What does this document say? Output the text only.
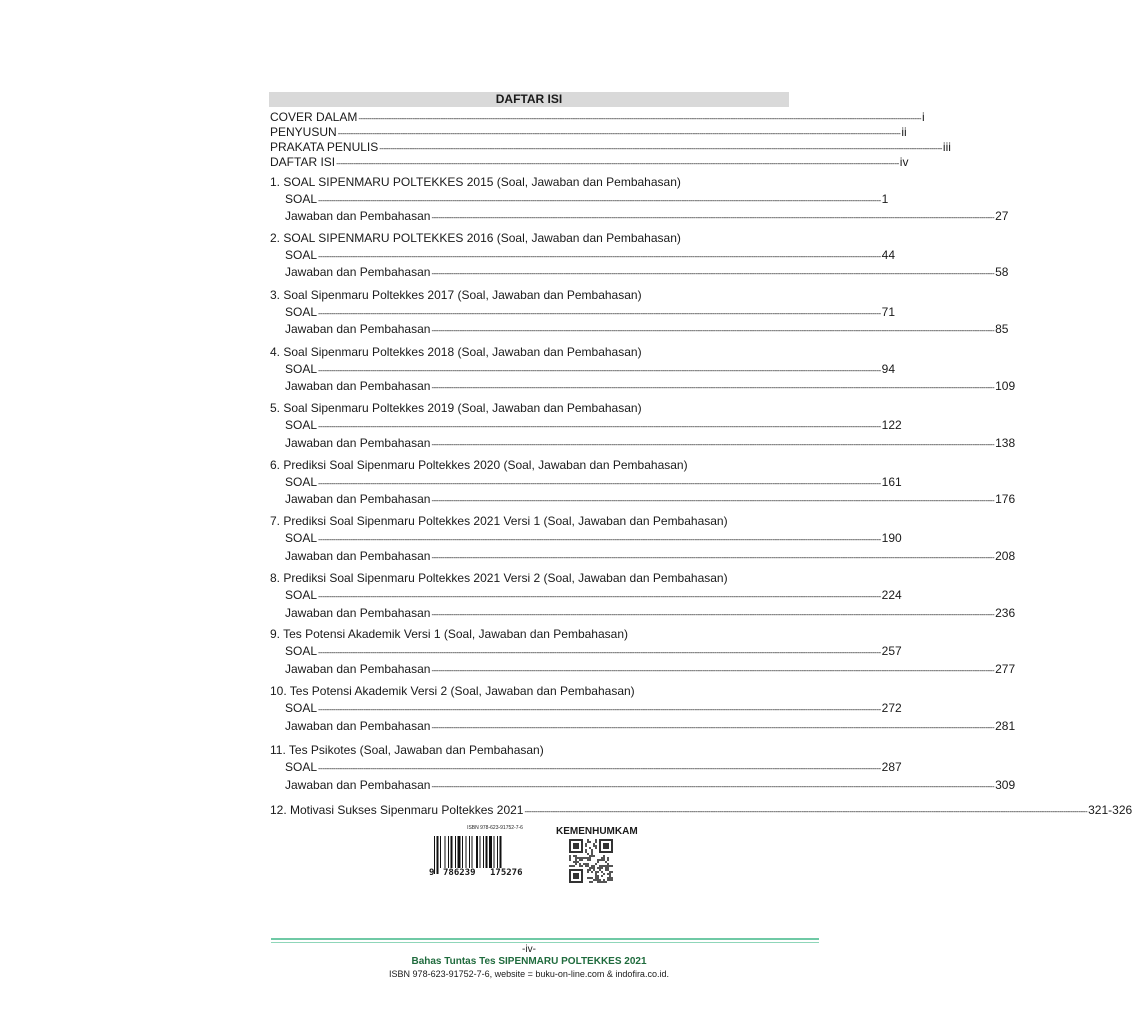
DAFTAR ISI
COVER DALAM -------------------------------------------------------------------------------------------------------------------------------------------------------------------------------------------------------------------------------------------------------------------- i
PENYUSUN -------------------------------------------------------------------------------------------------------------------------------------------------------------------------------------------------------------------------------------------------------------------- ii
PRAKATA PENULIS -------------------------------------------------------------------------------------------------------------------------------------------------------------------------------------------------------------------------------------------------------------------- iii
DAFTAR ISI -------------------------------------------------------------------------------------------------------------------------------------------------------------------------------------------------------------------------------------------------------------------- iv
1. SOAL SIPENMARU POLTEKKES 2015 (Soal, Jawaban dan Pembahasan)
SOAL -------------------------------------------------------------------------------------------------------------------------------------------------------------------------------------------------------------------------------------------------------------------- 1
Jawaban dan Pembahasan -------------------------------------------------------------------------------------------------------------------------------------------------------------------------------------------------------------------------------------------------------------------- 27
2. SOAL SIPENMARU POLTEKKES 2016 (Soal, Jawaban dan Pembahasan)
SOAL -------------------------------------------------------------------------------------------------------------------------------------------------------------------------------------------------------------------------------------------------------------------- 44
Jawaban dan Pembahasan -------------------------------------------------------------------------------------------------------------------------------------------------------------------------------------------------------------------------------------------------------------------- 58
3. Soal Sipenmaru Poltekkes 2017 (Soal, Jawaban dan Pembahasan)
SOAL -------------------------------------------------------------------------------------------------------------------------------------------------------------------------------------------------------------------------------------------------------------------- 71
Jawaban dan Pembahasan -------------------------------------------------------------------------------------------------------------------------------------------------------------------------------------------------------------------------------------------------------------------- 85
4. Soal Sipenmaru Poltekkes 2018 (Soal, Jawaban dan Pembahasan)
SOAL -------------------------------------------------------------------------------------------------------------------------------------------------------------------------------------------------------------------------------------------------------------------- 94
Jawaban dan Pembahasan -------------------------------------------------------------------------------------------------------------------------------------------------------------------------------------------------------------------------------------------------------------------- 109
5. Soal Sipenmaru Poltekkes 2019 (Soal, Jawaban dan Pembahasan)
SOAL -------------------------------------------------------------------------------------------------------------------------------------------------------------------------------------------------------------------------------------------------------------------- 122
Jawaban dan Pembahasan -------------------------------------------------------------------------------------------------------------------------------------------------------------------------------------------------------------------------------------------------------------------- 138
6. Prediksi Soal Sipenmaru Poltekkes 2020 (Soal, Jawaban dan Pembahasan)
SOAL -------------------------------------------------------------------------------------------------------------------------------------------------------------------------------------------------------------------------------------------------------------------- 161
Jawaban dan Pembahasan -------------------------------------------------------------------------------------------------------------------------------------------------------------------------------------------------------------------------------------------------------------------- 176
7. Prediksi Soal Sipenmaru Poltekkes 2021 Versi 1 (Soal, Jawaban dan Pembahasan)
SOAL -------------------------------------------------------------------------------------------------------------------------------------------------------------------------------------------------------------------------------------------------------------------- 190
Jawaban dan Pembahasan -------------------------------------------------------------------------------------------------------------------------------------------------------------------------------------------------------------------------------------------------------------------- 208
8. Prediksi Soal Sipenmaru Poltekkes 2021 Versi 2 (Soal, Jawaban dan Pembahasan)
SOAL -------------------------------------------------------------------------------------------------------------------------------------------------------------------------------------------------------------------------------------------------------------------- 224
Jawaban dan Pembahasan -------------------------------------------------------------------------------------------------------------------------------------------------------------------------------------------------------------------------------------------------------------------- 236
9. Tes Potensi Akademik Versi 1 (Soal, Jawaban dan Pembahasan)
SOAL -------------------------------------------------------------------------------------------------------------------------------------------------------------------------------------------------------------------------------------------------------------------- 257
Jawaban dan Pembahasan -------------------------------------------------------------------------------------------------------------------------------------------------------------------------------------------------------------------------------------------------------------------- 277
10. Tes Potensi Akademik Versi 2 (Soal, Jawaban dan Pembahasan)
SOAL -------------------------------------------------------------------------------------------------------------------------------------------------------------------------------------------------------------------------------------------------------------------- 272
Jawaban dan Pembahasan -------------------------------------------------------------------------------------------------------------------------------------------------------------------------------------------------------------------------------------------------------------------- 281
11. Tes Psikotes (Soal, Jawaban dan Pembahasan)
SOAL -------------------------------------------------------------------------------------------------------------------------------------------------------------------------------------------------------------------------------------------------------------------- 287
Jawaban dan Pembahasan -------------------------------------------------------------------------------------------------------------------------------------------------------------------------------------------------------------------------------------------------------------------- 309
12. Motivasi Sukses Sipenmaru Poltekkes 2021 -------------------------------------------------------------------------------------------------------------------------------------------------------------------------------------------------------------------------------------------------------------------- 321-326
ISBN 978-623-91752-7-6
9 786239 175276
KEMENHUMKAM
-iv-
Bahas Tuntas Tes SIPENMARU POLTEKKES 2021
ISBN 978-623-91752-7-6, website = buku-on-line.com & indofira.co.id.
